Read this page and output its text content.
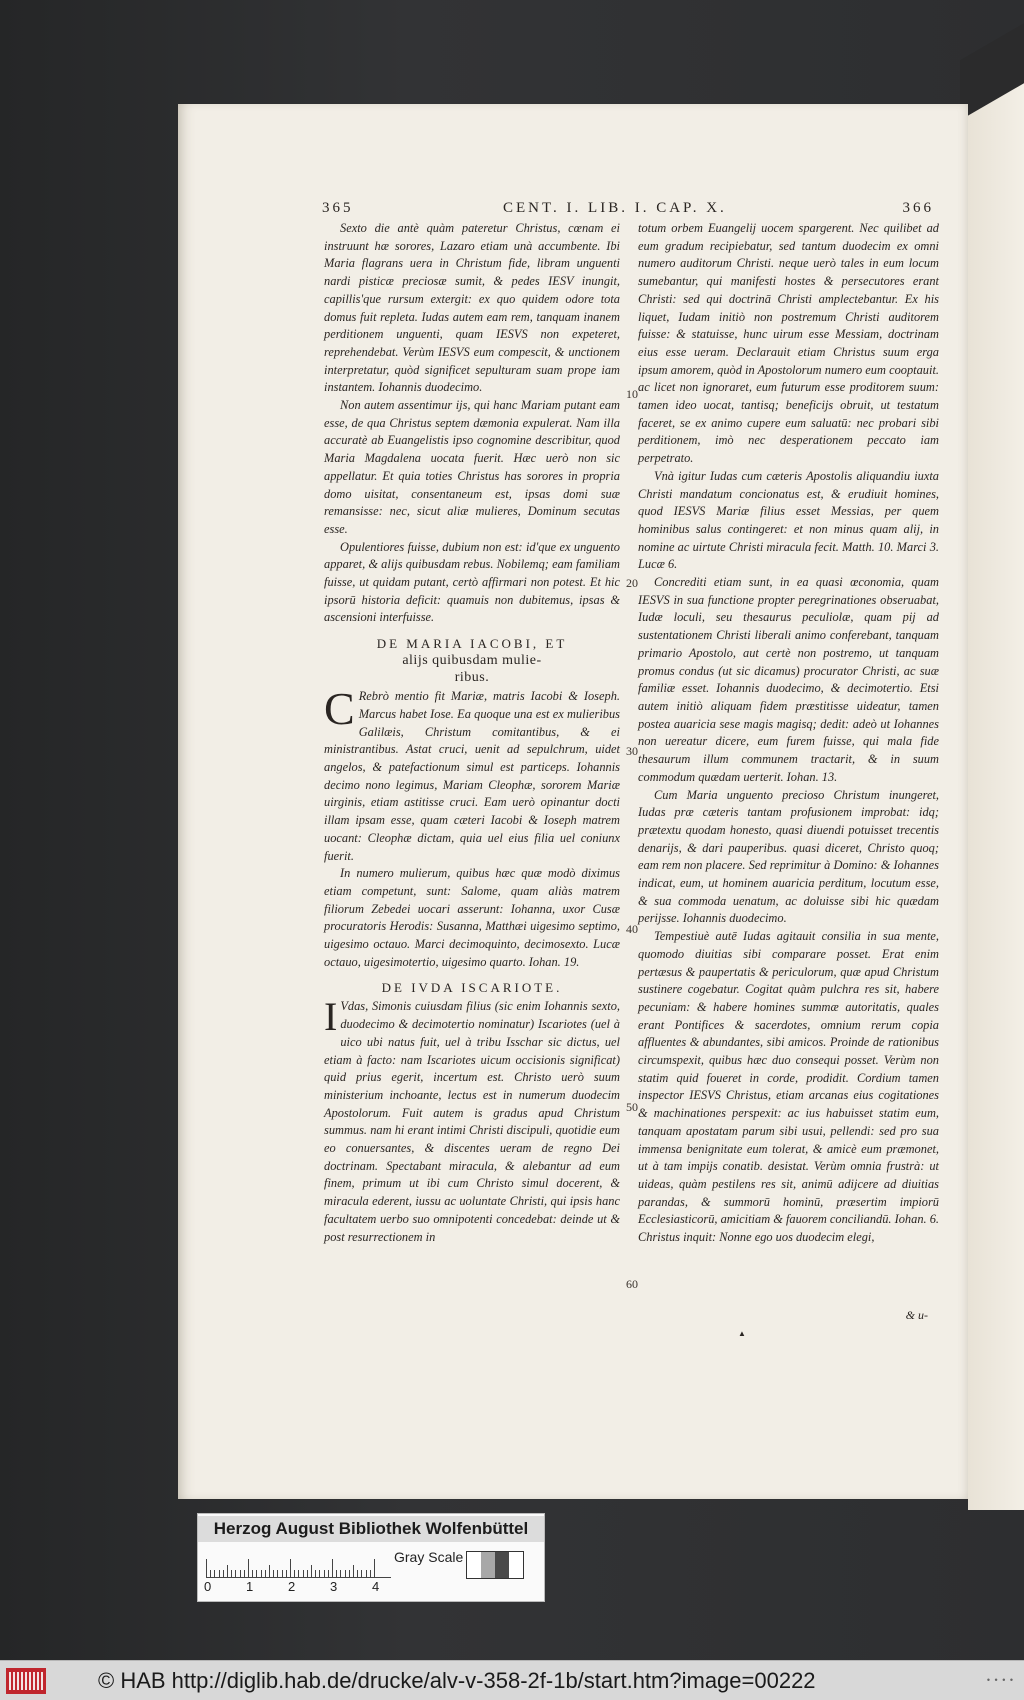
365	CENT. I. LIB. I. CAP. X.	366

Sexto die antè quàm pateretur Christus, cœnam ei instruunt hæ sorores, Lazaro etiam unà accumbente. Ibi Maria flagrans uera in Christum fide, libram unguenti nardi pisticæ preciosæ sumit, & pedes IESV inungit, capillis'que rursum extergit: ex quo quidem odore tota domus fuit repleta. Iudas autem eam rem, tanquam inanem perditionem unguenti, quam IESVS non expeteret, reprehendebat. Verùm IESVS eum compescit, & unctionem interpretatur, quòd significet sepulturam suam prope iam instantem. Iohannis duodecimo.

Non autem assentimur ijs, qui hanc Mariam putant eam esse, de qua Christus septem dæmonia expulerat. Nam illa accuratè ab Euangelistis ipso cognomine describitur, quod Maria Magdalena uocata fuerit. Hæc uerò non sic appellatur. Et quia toties Christus has sorores in propria domo uisitat, consentaneum est, ipsas domi suæ remansisse: nec, sicut aliæ mulieres, Dominum secutas esse.

Opulentiores fuisse, dubium non est: id'que ex unguento apparet, & alijs quibusdam rebus. Nobilemq; eam familiam fuisse, ut quidam putant, certò affirmari non potest. Et hic ipsorū historia deficit: quamuis non dubitemus, ipsas & ascensioni interfuisse.

DE MARIA IACOBI, ET
alijs quibusdam mulie-
ribus.

C Rebrò mentio fit Mariæ, matris Iacobi & Ioseph. Marcus habet Iose. Ea quoque una est ex mulieribus Galilæis, Christum comitantibus, & ei ministrantibus. Astat cruci, uenit ad sepulchrum, uidet angelos, & patefactionum simul est particeps. Iohannis decimo nono legimus, Mariam Cleophæ, sororem Mariæ uirginis, etiam astitisse cruci. Eam uerò opinantur docti illam ipsam esse, quam cæteri Iacobi & Ioseph matrem uocant: Cleophæ dictam, quia uel eius filia uel coniunx fuerit.

In numero mulierum, quibus hæc quæ modò diximus etiam competunt, sunt: Salome, quam aliàs matrem filiorum Zebedei uocari asserunt: Iohanna, uxor Cusæ procuratoris Herodis: Susanna, Matthæi uigesimo septimo, uigesimo octauo. Marci decimoquinto, decimosexto. Lucæ octauo, uigesimotertio, uigesimo quarto. Iohan. 19.

DE IVDA ISCARIOTE.

I Vdas, Simonis cuiusdam filius (sic enim Iohannis sexto, duodecimo & decimotertio nominatur) Iscariotes (uel à uico ubi natus fuit, uel à tribu Isschar sic dictus, uel etiam à facto: nam Iscariotes uicum occisionis significat) quid prius egerit, incertum est. Christo uerò suum ministerium inchoante, lectus est in numerum duodecim Apostolorum. Fuit autem is gradus apud Christum summus. nam hi erant intimi Christi discipuli, quotidie eum eo conuersantes, & discentes ueram de regno Dei doctrinam. Spectabant miracula, & alebantur ad eum finem, primum ut ibi cum Christo simul docerent, & miracula ederent, iussu ac uoluntate Christi, qui ipsis hanc facultatem uerbo suo omnipotenti concedebat: deinde ut & post resurrectionem in

totum orbem Euangelij uocem spargerent. Nec quilibet ad eum gradum recipiebatur, sed tantum duodecim ex omni numero auditorum Christi. neque uerò tales in eum locum sumebantur, qui manifesti hostes & persecutores erant Christi: sed qui doctrinā Christi amplectebantur. Ex his liquet, Iudam initiò non postremum Christi auditorem fuisse: & statuisse, hunc uirum esse Messiam, doctrinam eius esse ueram. Declarauit etiam Christus suum erga ipsum amorem, quòd in Apostolorum numero eum cooptauit. ac licet non ignoraret, eum futurum esse proditorem suum: tamen ideo uocat, tantisq; beneficijs obruit, ut testatum faceret, se ex animo cupere eum saluatū: nec probari sibi perditionem, imò nec desperationem peccato iam perpetrato.

Vnà igitur Iudas cum cæteris Apostolis aliquandiu iuxta Christi mandatum concionatus est, & erudiuit homines, quod IESVS Mariæ filius esset Messias, per quem hominibus salus contingeret: et non minus quam alij, in nomine ac uirtute Christi miracula fecit. Matth. 10. Marci 3. Lucæ 6.

Concrediti etiam sunt, in ea quasi œconomia, quam IESVS in sua functione propter peregrinationes obseruabat, Iudæ loculi, seu thesaurus peculiolæ, quam pij ad sustentationem Christi liberali animo conferebant, tanquam primario Apostolo, aut certè non postremo, ut tanquam promus condus (ut sic dicamus) procurator Christi, ac suæ familiæ esset. Iohannis duodecimo, & decimotertio. Etsi autem initiò aliquam fidem præstitisse uideatur, tamen postea auaricia sese magis magisq; dedit: adeò ut Iohannes non uereatur dicere, eum furem fuisse, qui mala fide thesaurum illum communem tractarit, & in suum commodum quædam uerterit. Iohan. 13.

Cum Maria unguento precioso Christum inungeret, Iudas præ cæteris tantam profusionem improbat: idq; prætextu quodam honesto, quasi diuendi potuisset trecentis denarijs, & dari pauperibus. quasi diceret, Christo quoq; eam rem non placere. Sed reprimitur à Domino: & Iohannes indicat, eum, ut hominem auaricia perditum, locutum esse, & sua commoda uenatum, ac doluisse sibi hic quædam perijsse. Iohannis duodecimo.

Tempestiuè autē Iudas agitauit consilia in sua mente, quomodo diuitias sibi comparare posset. Erat enim pertæsus & paupertatis & periculorum, quæ apud Christum sustinere cogebatur. Cogitat quàm pulchra res sit, habere pecuniam: & habere homines summæ autoritatis, quales erant Pontifices & sacerdotes, omnium rerum copia affluentes & abundantes, sibi amicos. Proinde de rationibus circumspexit, quibus hæc duo consequi posset. Verùm non statim quid foueret in corde, prodidit. Cordium tamen inspector IESVS Christus, etiam arcanas eius cogitationes & machinationes perspexit: ac ius habuisset statim eum, tanquam apostatam parum sibi usui, pellendi: sed pro sua immensa benignitate eum tolerat, & amicè eum præmonet, ut à tam impijs conatib. desistat. Verùm omnia frustrà: ut uideas, quàm pestilens res sit, animū adijcere ad diuitias parandas, & summorū hominū, præsertim impiorū Ecclesiasticorū, amicitiam & fauorem conciliandū. Iohan. 6. Christus inquit: Nonne ego uos duodecim elegi,

10
20
30
40
50
60
& u-
▲
Herzog August Bibliothek Wolfenbüttel
0	1	2	3	4
Gray Scale
© HAB http://diglib.hab.de/drucke/alv-v-358-2f-1b/start.htm?image=00222	• • • •
